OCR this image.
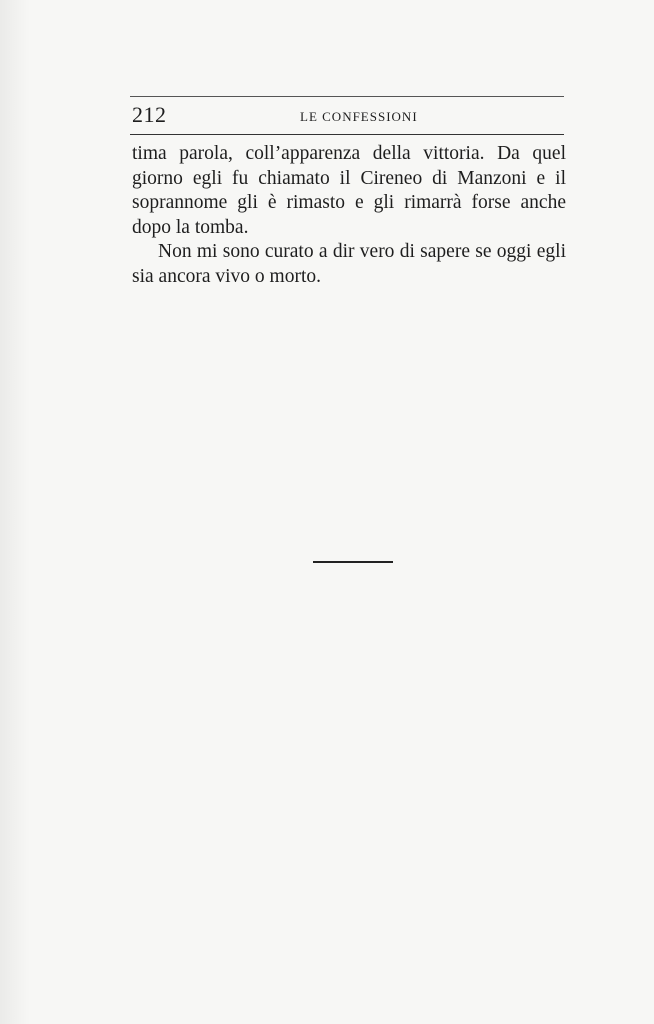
212	LE CONFESSIONI

tima parola, coll’apparenza della vittoria. Da quel giorno egli fu chiamato il Cireneo di Manzoni e il soprannome gli è rimasto e gli rimarrà forse anche dopo la tomba.

Non mi sono curato a dir vero di sapere se oggi egli sia ancora vivo o morto.
